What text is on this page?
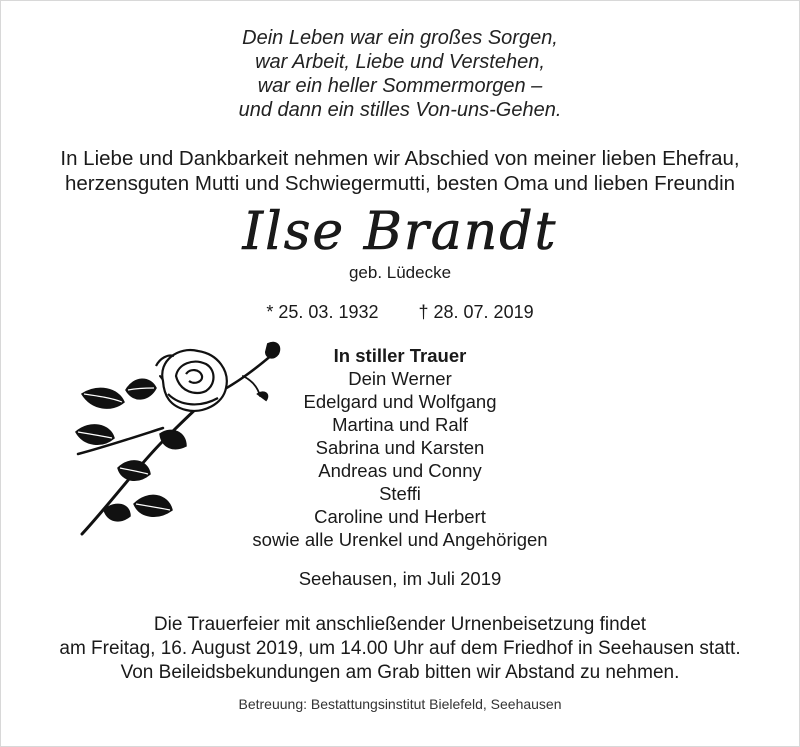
Dein Leben war ein großes Sorgen,
war Arbeit, Liebe und Verstehen,
war ein heller Sommermorgen –
und dann ein stilles Von-uns-Gehen.
In Liebe und Dankbarkeit nehmen wir Abschied von meiner lieben Ehefrau,
herzensguten Mutti und Schwiegermutti, besten Oma und lieben Freundin
Ilse Brandt
geb. Lüdecke
* 25. 03. 1932 † 28. 07. 2019
In stiller Trauer
Dein Werner
Edelgard und Wolfgang
Martina und Ralf
Sabrina und Karsten
Andreas und Conny
Steffi
Caroline und Herbert
sowie alle Urenkel und Angehörigen
Seehausen, im Juli 2019
Die Trauerfeier mit anschließender Urnenbeisetzung findet
am Freitag, 16. August 2019, um 14.00 Uhr auf dem Friedhof in Seehausen statt.
Von Beileidsbekundungen am Grab bitten wir Abstand zu nehmen.
Betreuung: Bestattungsinstitut Bielefeld, Seehausen
